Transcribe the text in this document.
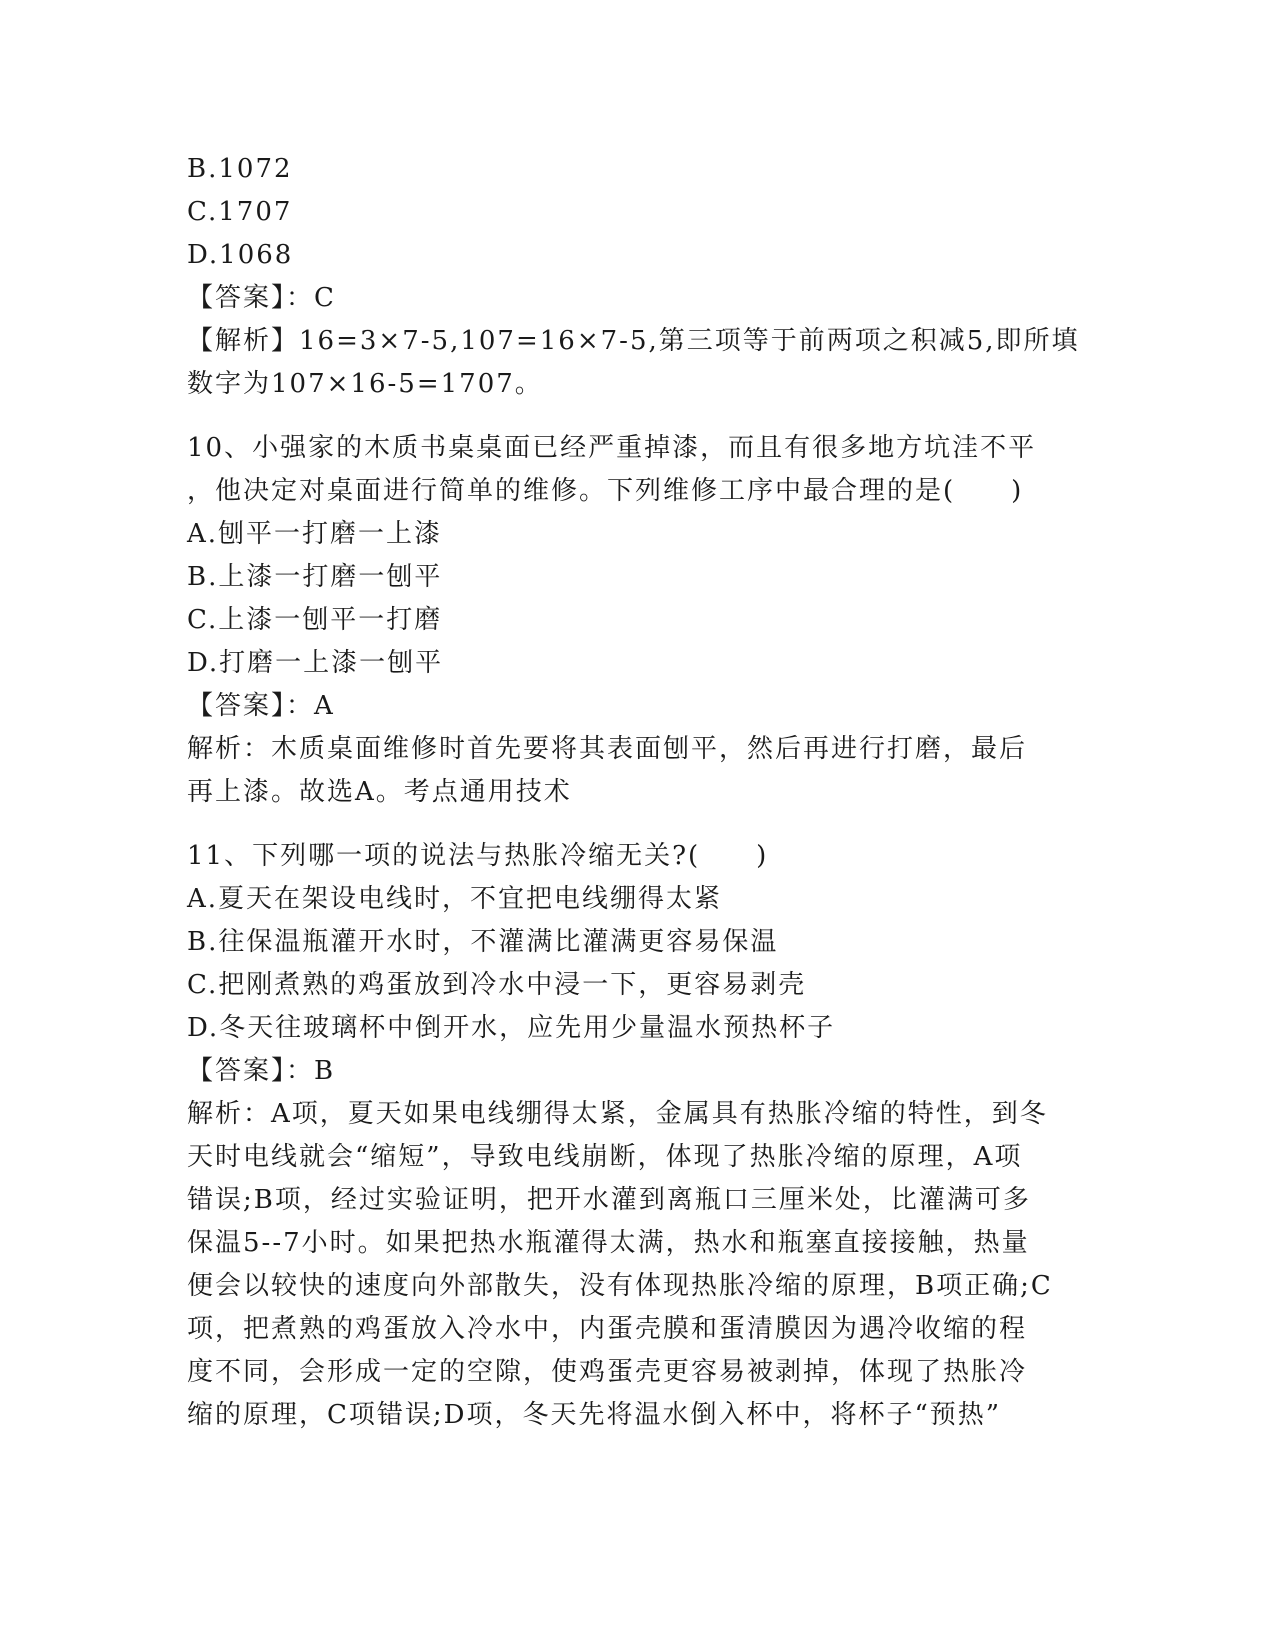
B.1072
C.1707
D.1068
【答案】：C
【解析】16=3×7-5,107=16×7-5,第三项等于前两项之积减5,即所填
数字为107×16-5=1707。
10、小强家的木质书桌桌面已经严重掉漆，而且有很多地方坑洼不平
，他决定对桌面进行简单的维修。下列维修工序中最合理的是(　　)
A.刨平一打磨一上漆
B.上漆一打磨一刨平
C.上漆一刨平一打磨
D.打磨一上漆一刨平
【答案】：A
解析：木质桌面维修时首先要将其表面刨平，然后再进行打磨，最后
再上漆。故选A。考点通用技术
11、下列哪一项的说法与热胀冷缩无关?(　　)
A.夏天在架设电线时，不宜把电线绷得太紧
B.往保温瓶灌开水时，不灌满比灌满更容易保温
C.把刚煮熟的鸡蛋放到冷水中浸一下，更容易剥壳
D.冬天往玻璃杯中倒开水，应先用少量温水预热杯子
【答案】：B
解析：A项，夏天如果电线绷得太紧，金属具有热胀冷缩的特性，到冬
天时电线就会“缩短”，导致电线崩断，体现了热胀冷缩的原理，A项
错误;B项，经过实验证明，把开水灌到离瓶口三厘米处，比灌满可多
保温5--7小时。如果把热水瓶灌得太满，热水和瓶塞直接接触，热量
便会以较快的速度向外部散失，没有体现热胀冷缩的原理，B项正确;C
项，把煮熟的鸡蛋放入冷水中，内蛋壳膜和蛋清膜因为遇冷收缩的程
度不同，会形成一定的空隙，使鸡蛋壳更容易被剥掉，体现了热胀冷
缩的原理，C项错误;D项，冬天先将温水倒入杯中，将杯子“预热”
